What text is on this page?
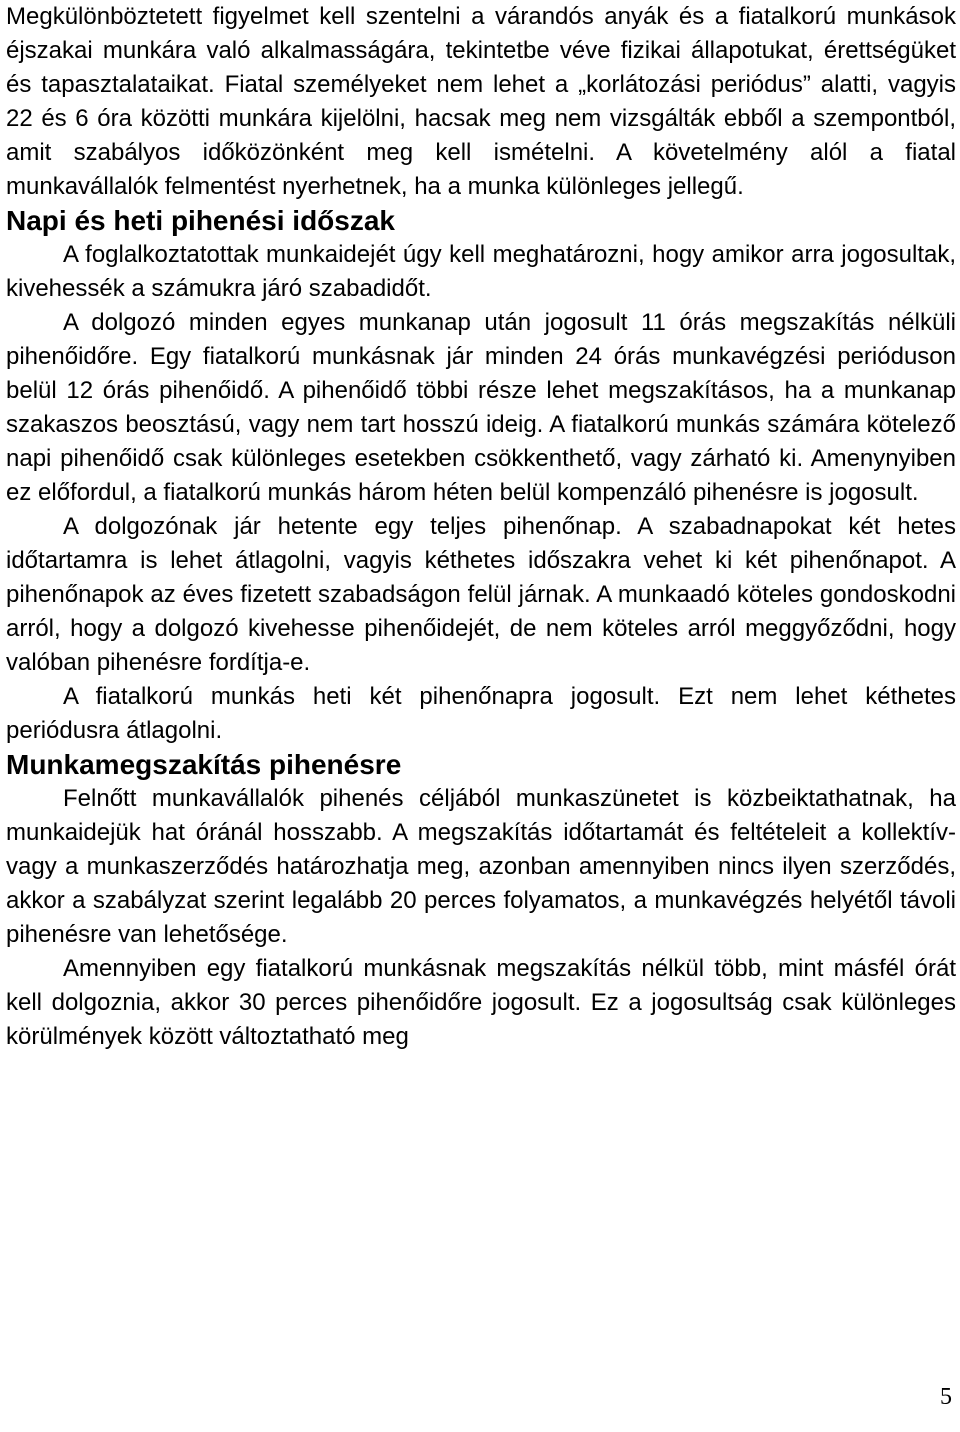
Megkülönböztetett figyelmet kell szentelni a várandós anyák és a fiatalkorú munkások éjszakai munkára való alkalmasságára, tekintetbe véve fizikai állapotukat, érettségüket és tapasztalataikat. Fiatal személyeket nem lehet a „korlátozási periódus” alatti, vagyis 22 és 6 óra közötti munkára kijelölni, hacsak meg nem vizsgálták ebből a szempontból, amit szabályos időközönként meg kell ismételni. A követelmény alól a fiatal munkavállalók felmentést nyerhetnek, ha a munka különleges jellegű.

Napi és heti pihenési időszak

A foglalkoztatottak munkaidejét úgy kell meghatározni, hogy amikor arra jogosultak, kivehessék a számukra járó szabadidőt.

A dolgozó minden egyes munkanap után jogosult 11 órás megszakítás nélküli pihenőidőre. Egy fiatalkorú munkásnak jár minden 24 órás munkavégzési perióduson belül 12 órás pihenőidő. A pihenőidő többi része lehet megszakításos, ha a munkanap szakaszos beosztású, vagy nem tart hosszú ideig. A fiatalkorú munkás számára kötelező napi pihenőidő csak különleges esetekben csökkenthető, vagy zárható ki. Amenynyiben ez előfordul, a fiatalkorú munkás három héten belül kompenzáló pihenésre is jogosult.

A dolgozónak jár hetente egy teljes pihenőnap. A szabadnapokat két hetes időtartamra is lehet átlagolni, vagyis kéthetes időszakra vehet ki két pihenőnapot. A pihenőnapok az éves fizetett szabadságon felül járnak. A munkaadó köteles gondoskodni arról, hogy a dolgozó kivehesse pihenőidejét, de nem köteles arról meggyőződni, hogy valóban pihenésre fordítja-e.

A fiatalkorú munkás heti két pihenőnapra jogosult. Ezt nem lehet kéthetes periódusra átlagolni.

Munkamegszakítás pihenésre

Felnőtt munkavállalók pihenés céljából munkaszünetet is közbeiktathatnak, ha munkaidejük hat óránál hosszabb. A megszakítás időtartamát és feltételeit a kollektív- vagy a munkaszerződés határozhatja meg, azonban amennyiben nincs ilyen szerződés, akkor a szabályzat szerint legalább 20 perces folyamatos, a munkavégzés helyétől távoli pihenésre van lehetősége.

Amennyiben egy fiatalkorú munkásnak megszakítás nélkül több, mint másfél órát kell dolgoznia, akkor 30 perces pihenőidőre jogosult. Ez a jogosultság csak különleges körülmények között változtatható meg

5
